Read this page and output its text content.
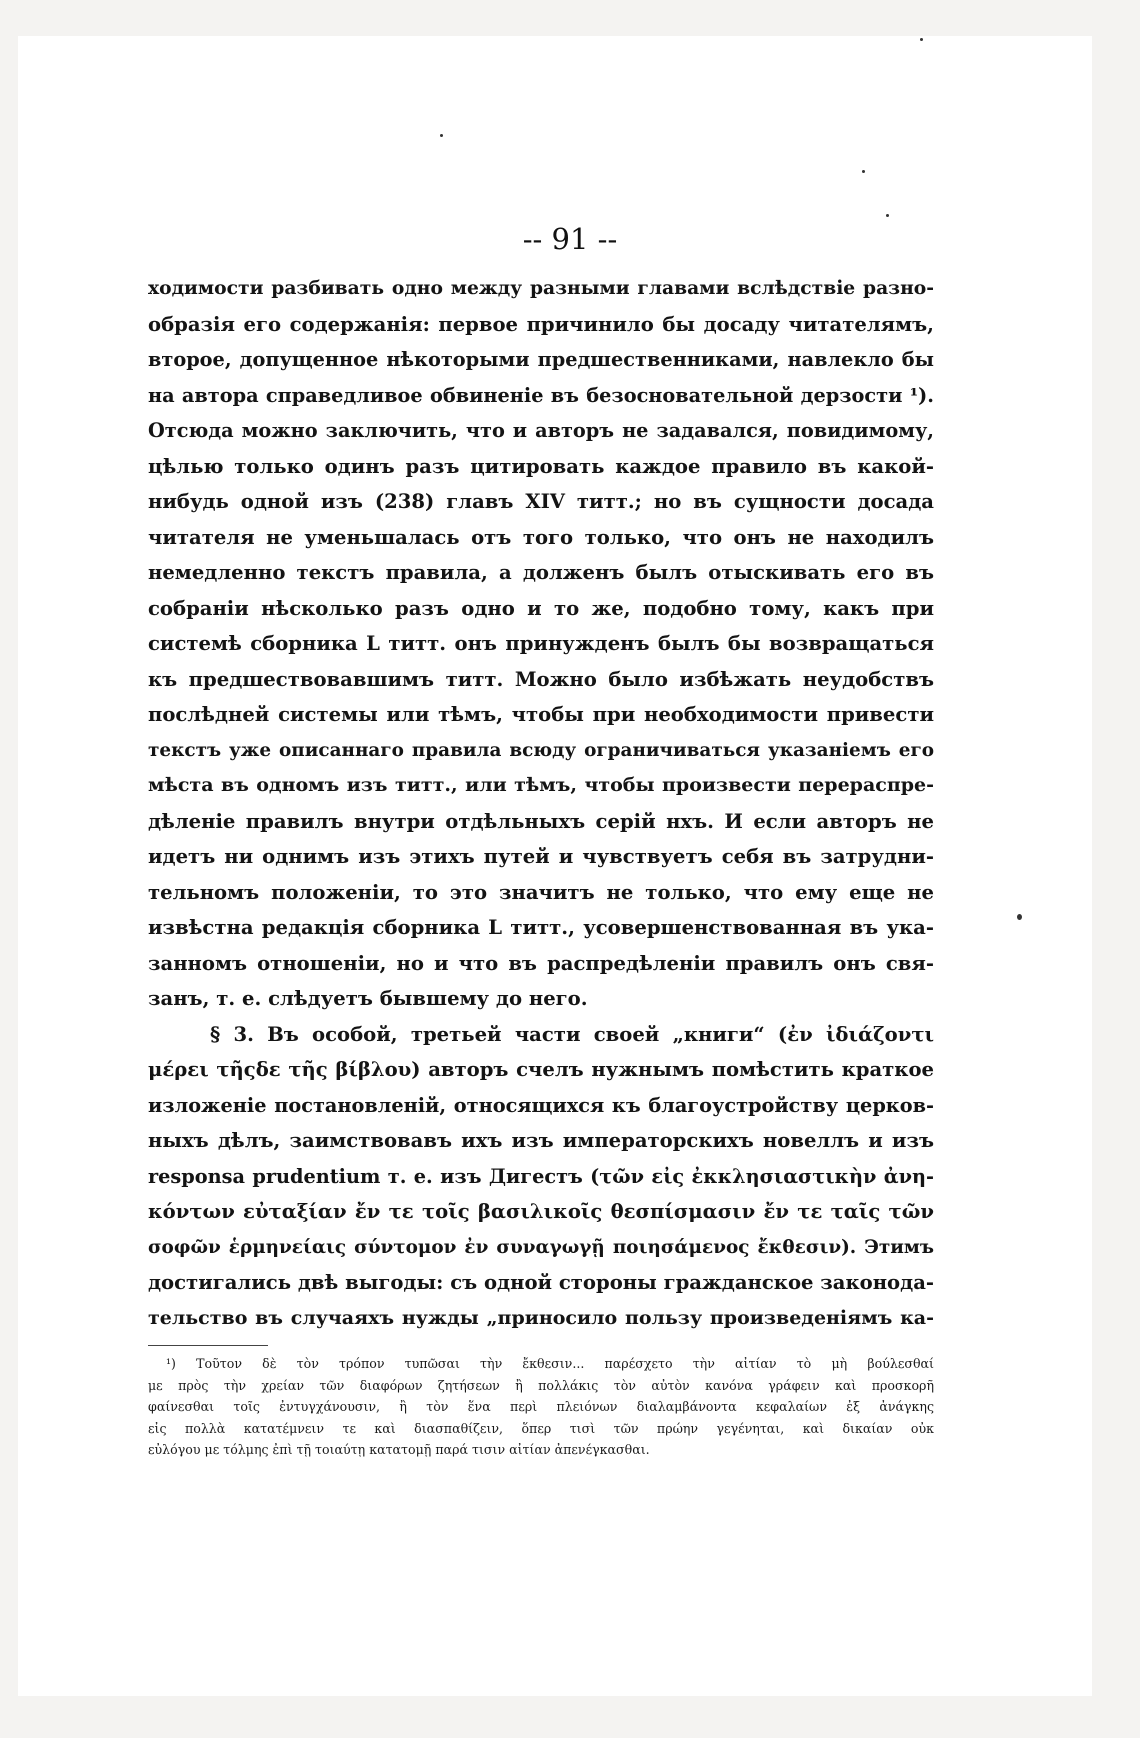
-- 91 --
ходимости разбивать одно между разными главами вслѣдствіе разно-
образія его содержанія: первое причинило бы досаду читателямъ,
второе, допущенное нѣкоторыми предшественниками, навлекло бы
на автора справедливое обвиненіе въ безосновательной дерзости ¹).
Отсюда можно заключить, что и авторъ не задавался, повидимому,
цѣлью только одинъ разъ цитировать каждое правило въ какой-
нибудь одной изъ (238) главъ XIV титт.; но въ сущности досада
читателя не уменьшалась отъ того только, что онъ не находилъ
немедленно текстъ правила, а долженъ былъ отыскивать его въ
собраніи нѣсколько разъ одно и то же, подобно тому, какъ при
системѣ сборника L титт. онъ принужденъ былъ бы возвращаться
къ предшествовавшимъ титт. Можно было избѣжать неудобствъ
послѣдней системы или тѣмъ, чтобы при необходимости привести
текстъ уже описаннаго правила всюду ограничиваться указаніемъ его
мѣста въ одномъ изъ титт., или тѣмъ, чтобы произвести перераспре-
дѣленіе правилъ внутри отдѣльныхъ серій нхъ. И если авторъ не
идетъ ни однимъ изъ этихъ путей и чувствуетъ себя въ затрудни-
тельномъ положеніи, то это значитъ не только, что ему еще не
извѣстна редакція сборника L титт., усовершенствованная въ ука-
занномъ отношеніи, но и что въ распредѣленіи правилъ онъ свя-
занъ, т. е. слѣдуетъ бывшему до него.
§ 3. Въ особой, третьей части своей „книги“ (ἐν ἰδιάζοντι
μέρει τῆςδε τῆς βίβλου) авторъ счелъ нужнымъ помѣстить краткое
изложеніе постановленій, относящихся къ благоустройству церков-
ныхъ дѣлъ, заимствовавъ ихъ изъ императорскихъ новеллъ и изъ
responsa prudentium т. е. изъ Дигестъ (τῶν εἰς ἐκκλησιαστικὴν ἀνη-
κόντων εὐταξίαν ἔν τε τοῖς βασιλικοῖς θεσπίσμασιν ἔν τε ταῖς τῶν
σοφῶν ἑρμηνείαις σύντομον ἐν συναγωγῇ ποιησάμενος ἔκθεσιν). Этимъ
достигались двѣ выгоды: съ одной стороны гражданское законода-
тельство въ случаяхъ нужды „приносило пользу произведеніямъ ка-
¹) Τοῦτον δὲ τὸν τρόπον τυπῶσαι τὴν ἔκθεσιν... παρέσχετο τὴν αἰτίαν τὸ μὴ βούλεσθαί
με πρὸς τὴν χρείαν τῶν διαφόρων ζητήσεων ἢ πολλάκις τὸν αὐτὸν κανόνα γράφειν καὶ προσκορῆ
φαίνεσθαι τοῖς ἐντυγχάνουσιν, ἢ τὸν ἕνα περὶ πλειόνων διαλαμβάνοντα κεφαλαίων ἐξ ἀνάγκης
εἰς πολλὰ κατατέμνειν τε καὶ διασπαθίζειν, ὅπερ τισὶ τῶν πρώην γεγένηται, καὶ δικαίαν οὐκ
εὐλόγου με τόλμης ἐπὶ τῇ τοιαύτῃ κατατομῇ παρά τισιν αἰτίαν ἀπενέγκασθαι.
